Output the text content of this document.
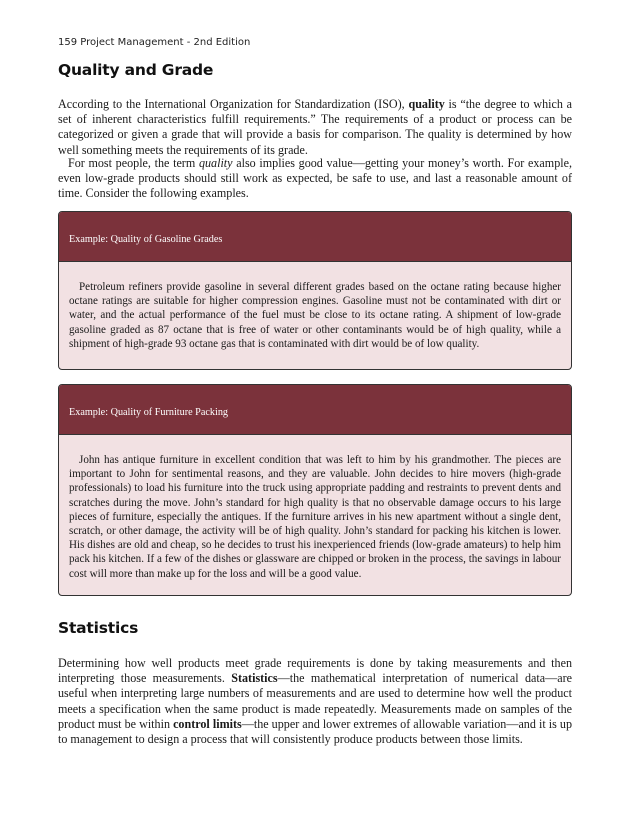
159 Project Management - 2nd Edition
Quality and Grade

According to the International Organization for Standardization (ISO), quality is “the degree to which a set of inherent characteristics fulfill requirements.” The requirements of a product or process can be categorized or given a grade that will provide a basis for comparison. The quality is determined by how well something meets the requirements of its grade.

For most people, the term quality also implies good value—getting your money’s worth. For example, even low-grade products should still work as expected, be safe to use, and last a reasonable amount of time. Consider the following examples.

Example: Quality of Gasoline Grades

Petroleum refiners provide gasoline in several different grades based on the octane rating because higher octane ratings are suitable for higher compression engines. Gasoline must not be contaminated with dirt or water, and the actual performance of the fuel must be close to its octane rating. A shipment of low-grade gasoline graded as 87 octane that is free of water or other contaminants would be of high quality, while a shipment of high-grade 93 octane gas that is contaminated with dirt would be of low quality.

Example: Quality of Furniture Packing

John has antique furniture in excellent condition that was left to him by his grandmother. The pieces are important to John for sentimental reasons, and they are valuable. John decides to hire movers (high-grade professionals) to load his furniture into the truck using appropriate padding and restraints to prevent dents and scratches during the move. John’s standard for high quality is that no observable damage occurs to his large pieces of furniture, especially the antiques. If the furniture arrives in his new apartment without a single dent, scratch, or other damage, the activity will be of high quality. John’s standard for packing his kitchen is lower. His dishes are old and cheap, so he decides to trust his inexperienced friends (low-grade amateurs) to help him pack his kitchen. If a few of the dishes or glassware are chipped or broken in the process, the savings in labour cost will more than make up for the loss and will be a good value.

Statistics

Determining how well products meet grade requirements is done by taking measurements and then interpreting those measurements. Statistics—the mathematical interpretation of numerical data—are useful when interpreting large numbers of measurements and are used to determine how well the product meets a specification when the same product is made repeatedly. Measurements made on samples of the product must be within control limits—the upper and lower extremes of allowable variation—and it is up to management to design a process that will consistently produce products between those limits.
